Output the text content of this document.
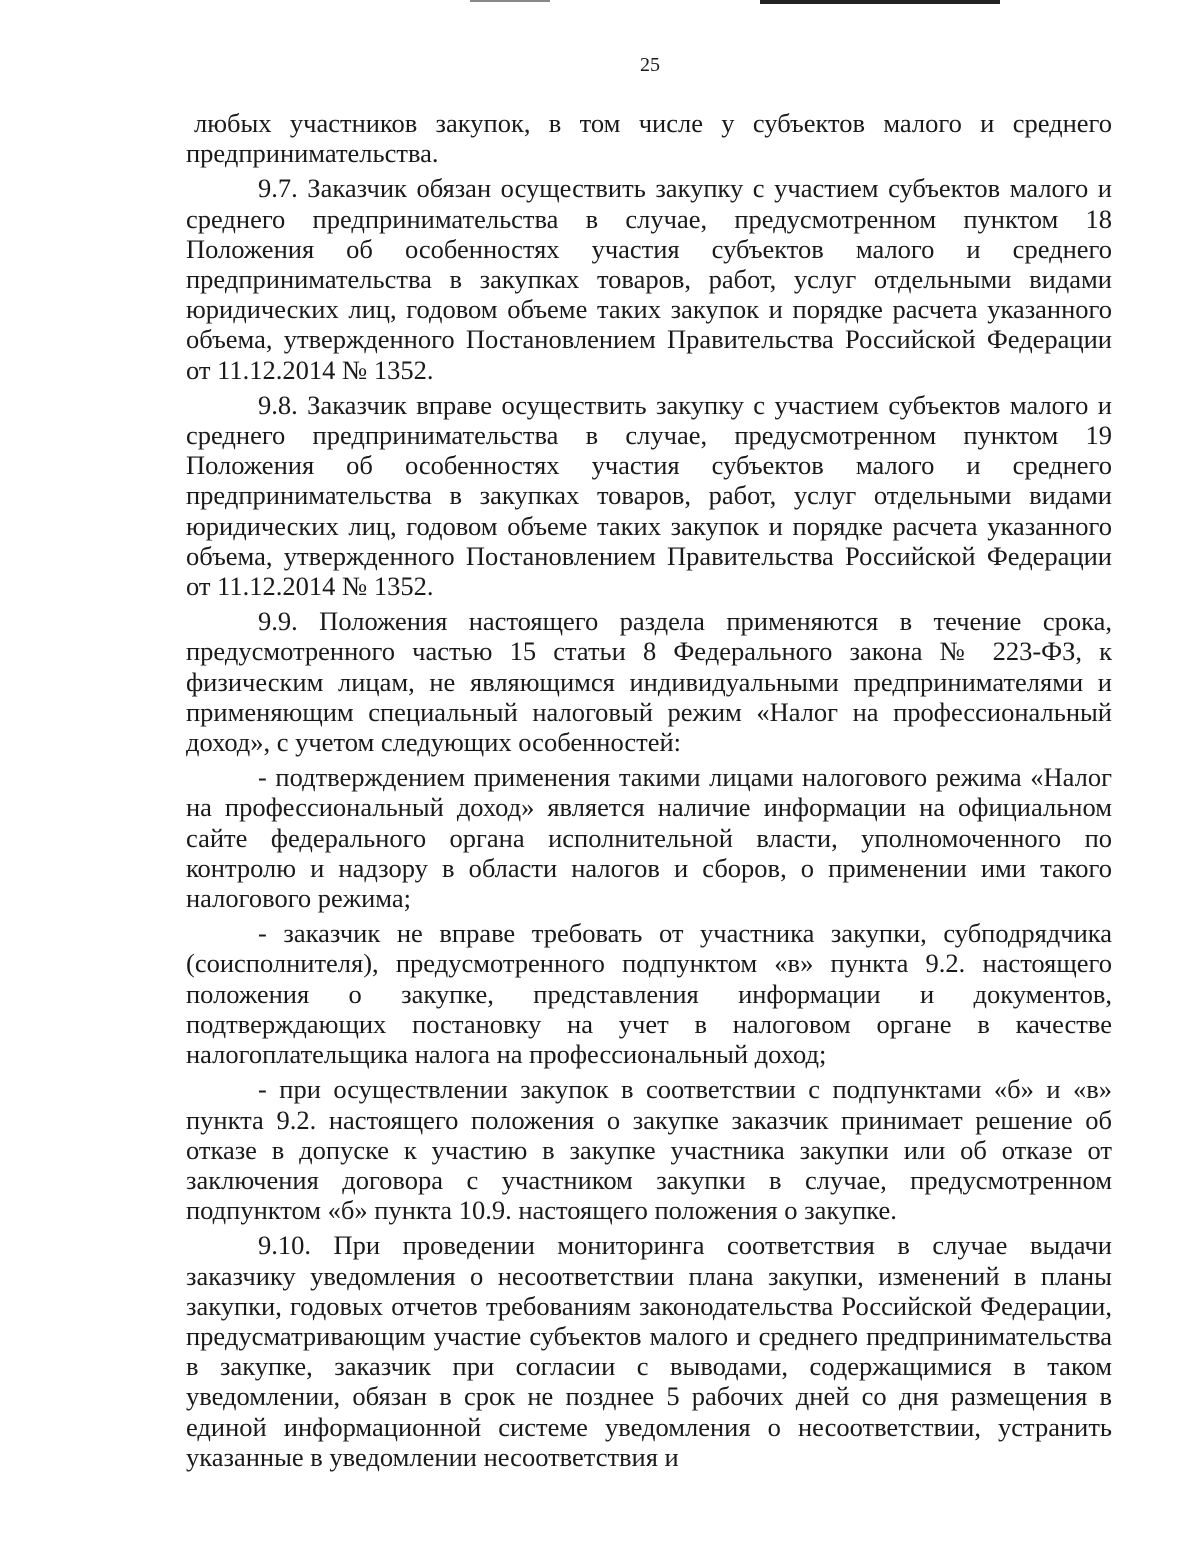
25

любых участников закупок, в том числе у субъектов малого и среднего предпринимательства.

9.7. Заказчик обязан осуществить закупку с участием субъектов малого и среднего предпринимательства в случае, предусмотренном пунктом 18 Положения об особенностях участия субъектов малого и среднего предпринимательства в закупках товаров, работ, услуг отдельными видами юридических лиц, годовом объеме таких закупок и порядке расчета указанного объема, утвержденного Постановлением Правительства Российской Федерации от 11.12.2014 № 1352.

9.8. Заказчик вправе осуществить закупку с участием субъектов малого и среднего предпринимательства в случае, предусмотренном пунктом 19 Положения об особенностях участия субъектов малого и среднего предпринимательства в закупках товаров, работ, услуг отдельными видами юридических лиц, годовом объеме таких закупок и порядке расчета указанного объема, утвержденного Постановлением Правительства Российской Федерации от 11.12.2014 № 1352.

9.9. Положения настоящего раздела применяются в течение срока, предусмотренного частью 15 статьи 8 Федерального закона № 223-ФЗ, к физическим лицам, не являющимся индивидуальными предпринимателями и применяющим специальный налоговый режим «Налог на профессиональный доход», с учетом следующих особенностей:

- подтверждением применения такими лицами налогового режима «Налог на профессиональный доход» является наличие информации на официальном сайте федерального органа исполнительной власти, уполномоченного по контролю и надзору в области налогов и сборов, о применении ими такого налогового режима;

- заказчик не вправе требовать от участника закупки, субподрядчика (соисполнителя), предусмотренного подпунктом «в» пункта 9.2. настоящего положения о закупке, представления информации и документов, подтверждающих постановку на учет в налоговом органе в качестве налогоплательщика налога на профессиональный доход;

- при осуществлении закупок в соответствии с подпунктами «б» и «в» пункта 9.2. настоящего положения о закупке заказчик принимает решение об отказе в допуске к участию в закупке участника закупки или об отказе от заключения договора с участником закупки в случае, предусмотренном подпунктом «б» пункта 10.9. настоящего положения о закупке.

9.10. При проведении мониторинга соответствия в случае выдачи заказчику уведомления о несоответствии плана закупки, изменений в планы закупки, годовых отчетов требованиям законодательства Российской Федерации, предусматривающим участие субъектов малого и среднего предпринимательства в закупке, заказчик при согласии с выводами, содержащимися в таком уведомлении, обязан в срок не позднее 5 рабочих дней со дня размещения в единой информационной системе уведомления о несоответствии, устранить указанные в уведомлении несоответствия и
